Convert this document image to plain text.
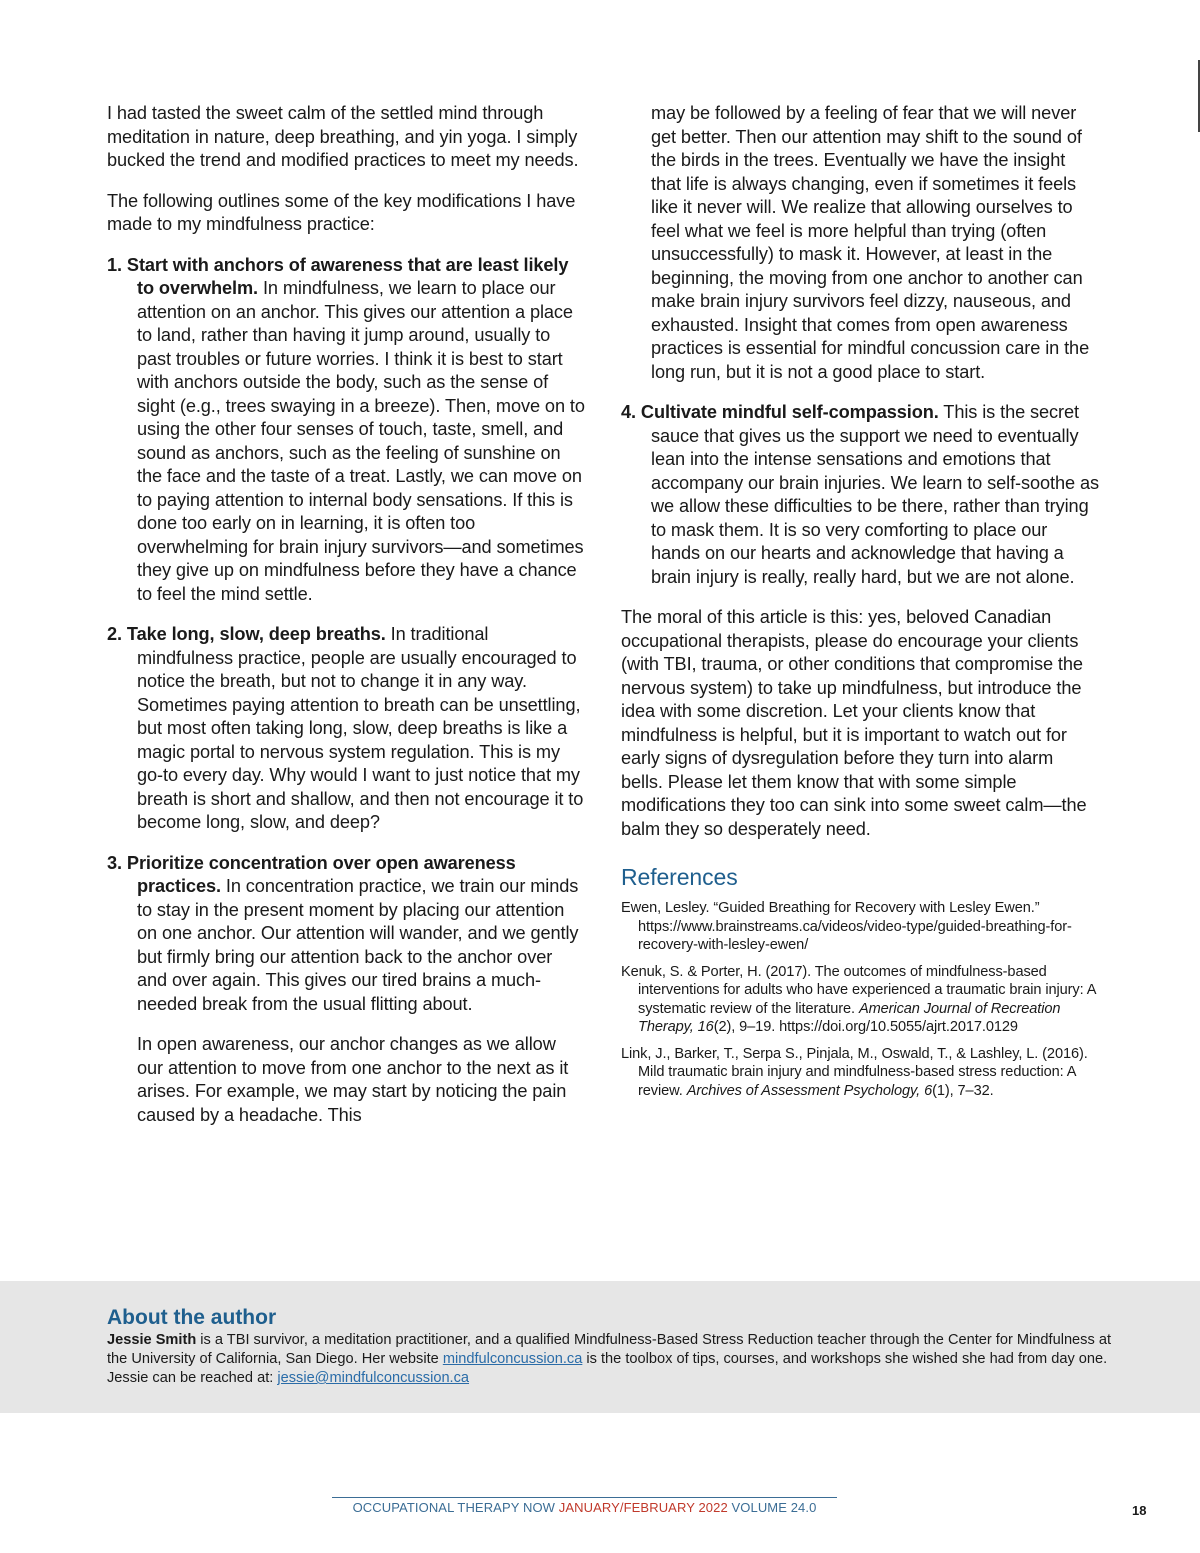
I had tasted the sweet calm of the settled mind through meditation in nature, deep breathing, and yin yoga. I simply bucked the trend and modified practices to meet my needs.

The following outlines some of the key modifications I have made to my mindfulness practice:

1. Start with anchors of awareness that are least likely to overwhelm. In mindfulness, we learn to place our attention on an anchor. This gives our attention a place to land, rather than having it jump around, usually to past troubles or future worries. I think it is best to start with anchors outside the body, such as the sense of sight (e.g., trees swaying in a breeze). Then, move on to using the other four senses of touch, taste, smell, and sound as anchors, such as the feeling of sunshine on the face and the taste of a treat. Lastly, we can move on to paying attention to internal body sensations. If this is done too early on in learning, it is often too overwhelming for brain injury survivors—and sometimes they give up on mindfulness before they have a chance to feel the mind settle.
2. Take long, slow, deep breaths. In traditional mindfulness practice, people are usually encouraged to notice the breath, but not to change it in any way. Sometimes paying attention to breath can be unsettling, but most often taking long, slow, deep breaths is like a magic portal to nervous system regulation. This is my go-to every day. Why would I want to just notice that my breath is short and shallow, and then not encourage it to become long, slow, and deep?
3. Prioritize concentration over open awareness practices. In concentration practice, we train our minds to stay in the present moment by placing our attention on one anchor. Our attention will wander, and we gently but firmly bring our attention back to the anchor over and over again. This gives our tired brains a much-needed break from the usual flitting about.

In open awareness, our anchor changes as we allow our attention to move from one anchor to the next as it arises. For example, we may start by noticing the pain caused by a headache. This

may be followed by a feeling of fear that we will never get better. Then our attention may shift to the sound of the birds in the trees. Eventually we have the insight that life is always changing, even if sometimes it feels like it never will. We realize that allowing ourselves to feel what we feel is more helpful than trying (often unsuccessfully) to mask it. However, at least in the beginning, the moving from one anchor to another can make brain injury survivors feel dizzy, nauseous, and exhausted. Insight that comes from open awareness practices is essential for mindful concussion care in the long run, but it is not a good place to start.

4. Cultivate mindful self-compassion. This is the secret sauce that gives us the support we need to eventually lean into the intense sensations and emotions that accompany our brain injuries. We learn to self-soothe as we allow these difficulties to be there, rather than trying to mask them. It is so very comforting to place our hands on our hearts and acknowledge that having a brain injury is really, really hard, but we are not alone.

The moral of this article is this: yes, beloved Canadian occupational therapists, please do encourage your clients (with TBI, trauma, or other conditions that compromise the nervous system) to take up mindfulness, but introduce the idea with some discretion. Let your clients know that mindfulness is helpful, but it is important to watch out for early signs of dysregulation before they turn into alarm bells. Please let them know that with some simple modifications they too can sink into some sweet calm—the balm they so desperately need.

References

Ewen, Lesley. “Guided Breathing for Recovery with Lesley Ewen.” https://www.brainstreams.ca/videos/video-type/guided-breathing-for-recovery-with-lesley-ewen/

Kenuk, S. & Porter, H. (2017). The outcomes of mindfulness-based interventions for adults who have experienced a traumatic brain injury: A systematic review of the literature. American Journal of Recreation Therapy, 16(2), 9–19. https://doi.org/10.5055/ajrt.2017.0129

Link, J., Barker, T., Serpa S., Pinjala, M., Oswald, T., & Lashley, L. (2016). Mild traumatic brain injury and mindfulness-based stress reduction: A review. Archives of Assessment Psychology, 6(1), 7–32.

About the author

Jessie Smith is a TBI survivor, a meditation practitioner, and a qualified Mindfulness-Based Stress Reduction teacher through the Center for Mindfulness at the University of California, San Diego. Her website mindfulconcussion.ca is the toolbox of tips, courses, and workshops she wished she had from day one. Jessie can be reached at: jessie@mindfulconcussion.ca

OCCUPATIONAL THERAPY NOW JANUARY/FEBRUARY 2022 VOLUME 24.0	18
